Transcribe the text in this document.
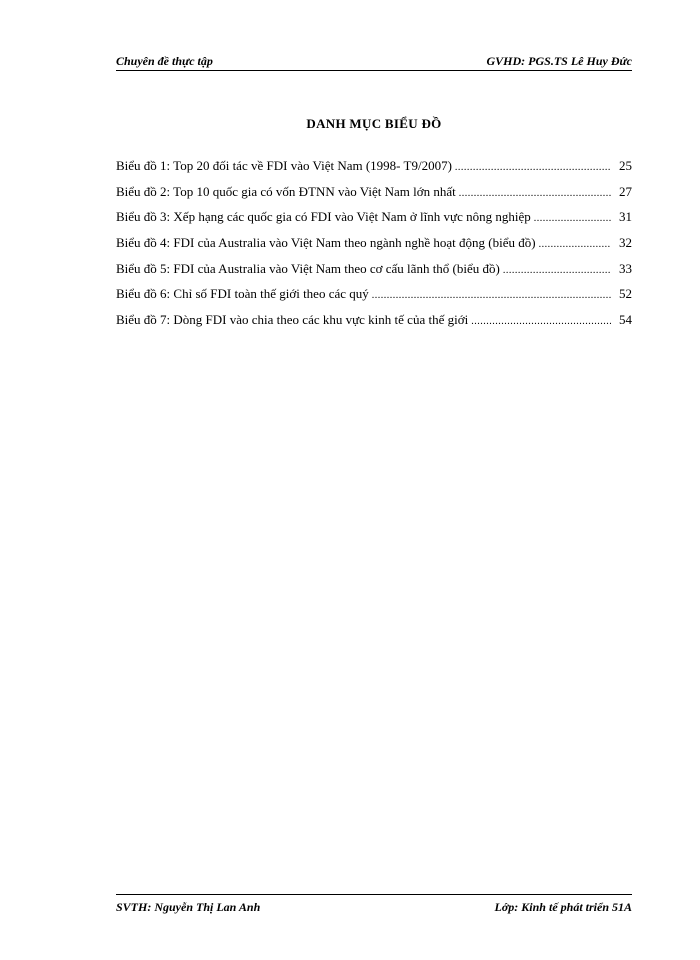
Chuyên đề thực tập	GVHD: PGS.TS Lê Huy Đức
DANH MỤC BIỂU ĐỒ
Biểu đồ 1: Top 20 đối tác về FDI vào Việt Nam (1998- T9/2007) .....	25
Biểu đồ 2: Top 10 quốc gia có vốn ĐTNN vào Việt Nam lớn nhất .....	27
Biểu đồ 3: Xếp hạng các quốc gia có FDI vào Việt Nam ở lĩnh vực nông nghiệp .....	31
Biểu đồ 4: FDI của Australia vào Việt Nam theo ngành nghề hoạt động (biểu đồ) .....	32
Biểu đồ 5: FDI của Australia vào Việt Nam theo cơ cấu lãnh thổ (biểu đồ) .....	33
Biểu đồ 6: Chỉ số FDI toàn thế giới theo các quý .....	52
Biểu đồ 7: Dòng FDI vào chia theo các khu vực kinh tế của thế giới .....	54
SVTH: Nguyễn Thị Lan Anh	Lớp: Kinh tế phát triển 51A
